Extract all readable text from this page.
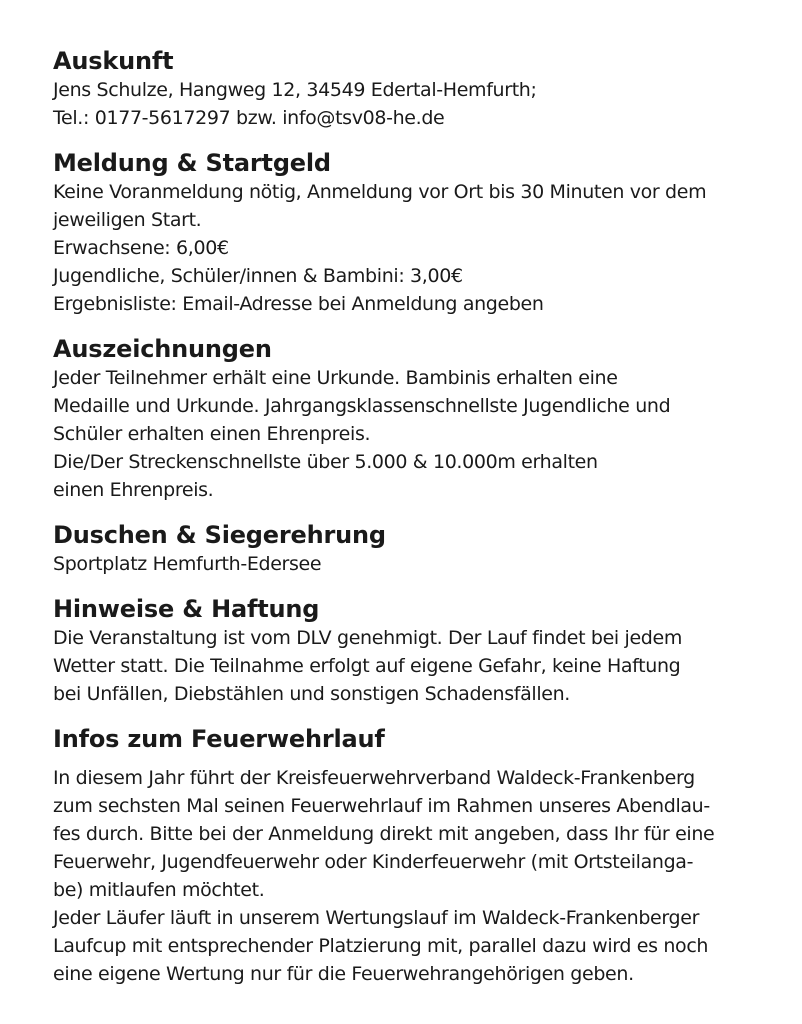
Auskunft
Jens Schulze, Hangweg 12, 34549 Edertal-Hemfurth;
Tel.: 0177-5617297 bzw. info@tsv08-he.de
Meldung & Startgeld
Keine Voranmeldung nötig, Anmeldung vor Ort bis 30 Minuten vor dem
jeweiligen Start.
Erwachsene: 6,00€
Jugendliche, Schüler/innen & Bambini: 3,00€
Ergebnisliste: Email-Adresse bei Anmeldung angeben
Auszeichnungen
Jeder Teilnehmer erhält eine Urkunde. Bambinis erhalten eine
Medaille und Urkunde. Jahrgangsklassenschnellste Jugendliche und
Schüler erhalten einen Ehrenpreis.
Die/Der Streckenschnellste über 5.000 & 10.000m erhalten
einen Ehrenpreis.
Duschen & Siegerehrung
Sportplatz Hemfurth-Edersee
Hinweise & Haftung
Die Veranstaltung ist vom DLV genehmigt. Der Lauf findet bei jedem
Wetter statt. Die Teilnahme erfolgt auf eigene Gefahr, keine Haftung
bei Unfällen, Diebstählen und sonstigen Schadensfällen.
Infos zum Feuerwehrlauf
In diesem Jahr führt der Kreisfeuerwehrverband Waldeck-Frankenberg
zum sechsten Mal seinen Feuerwehrlauf im Rahmen unseres Abendlau-
fes durch. Bitte bei der Anmeldung direkt mit angeben, dass Ihr für eine
Feuerwehr, Jugendfeuerwehr oder Kinderfeuerwehr (mit Ortsteilanga-
be) mitlaufen möchtet.
Jeder Läufer läuft in unserem Wertungslauf im Waldeck-Frankenberger
Laufcup mit entsprechender Platzierung mit, parallel dazu wird es noch
eine eigene Wertung nur für die Feuerwehrangehörigen geben.
